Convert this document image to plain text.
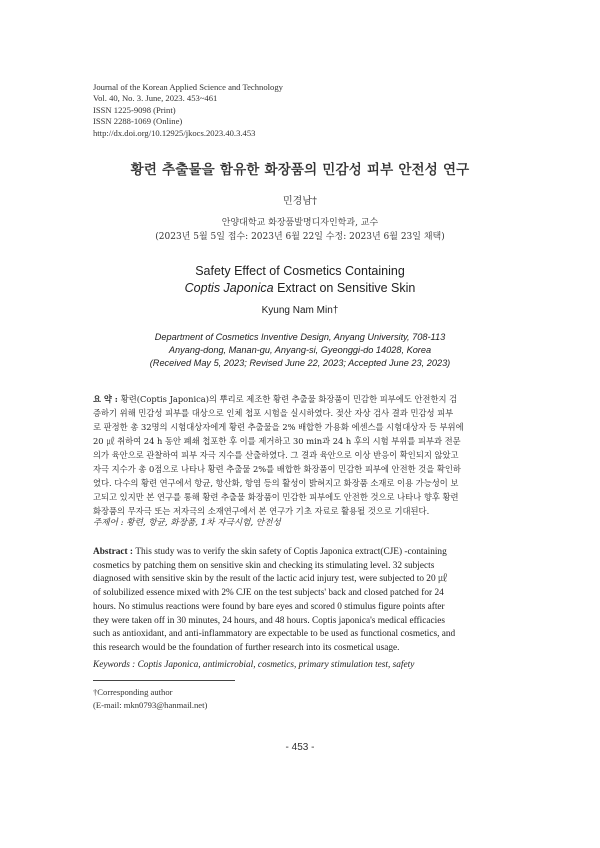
Journal of the Korean Applied Science and Technology
Vol. 40, No. 3. June, 2023. 453~461
ISSN 1225-9098 (Print)
ISSN 2288-1069 (Online)
http://dx.doi.org/10.12925/jkocs.2023.40.3.453
황련 추출물을 함유한 화장품의 민감성 피부 안전성 연구
민경남†
안양대학교 화장품발명디자인학과, 교수
(2023년 5월 5일 접수: 2023년 6월 22일 수정: 2023년 6월 23일 채택)
Safety Effect of Cosmetics Containing
Coptis Japonica Extract on Sensitive Skin
Kyung Nam Min†
Department of Cosmetics Inventive Design, Anyang University, 708-113
Anyang-dong, Manan-gu, Anyang-si, Gyeonggi-do 14028, Korea
(Received May 5, 2023; Revised June 22, 2023; Accepted June 23, 2023)
요 약 : 황련(Coptis Japonica)의 뿌리로 제조한 황련 추출물 화장품이 민감한 피부에도 안전한지 검
증하기 위해 민감성 피부를 대상으로 인체 첩포 시험을 실시하였다. 젖산 자상 검사 결과 민감성 피부
로 판정한 총 32명의 시험대상자에게 황련 추출물을 2% 배합한 가용화 에센스를 시험대상자 등 부위에
20 ㎕ 취하여 24 h 동안 폐쇄 첩포한 후 이를 제거하고 30 min과 24 h 후의 시험 부위를 피부과 전문
의가 육안으로 관찰하여 피부 자극 지수를 산출하였다. 그 결과 육안으로 이상 반응이 확인되지 않았고
자극 지수가 총 0점으로 나타나 황련 추출물 2%를 배합한 화장품이 민감한 피부에 안전한 것을 확인하
였다. 다수의 황련 연구에서 항균, 항산화, 항염 등의 활성이 밝혀지고 화장품 소재로 이용 가능성이 보
고되고 있지만 본 연구를 통해 황련 추출물 화장품이 민감한 피부에도 안전한 것으로 나타나 향후 황련
화장품의 무자극 또는 저자극의 소재연구에서 본 연구가 기초 자료로 활용될 것으로 기대된다.
주제어 : 황련, 항균, 화장품, 1차 자극시험, 안전성
Abstract : This study was to verify the skin safety of Coptis Japonica extract(CJE) -containing
cosmetics by patching them on sensitive skin and checking its stimulating level. 32 subjects
diagnosed with sensitive skin by the result of the lactic acid injury test, were subjected to 20 ㎕
of solubilized essence mixed with 2% CJE on the test subjects' back and closed patched for 24
hours. No stimulus reactions were found by bare eyes and scored 0 stimulus figure points after
they were taken off in 30 minutes, 24 hours, and 48 hours. Coptis japonica's medical efficacies
such as antioxidant, and anti-inflammatory are expectable to be used as functional cosmetics, and
this research would be the foundation of further research into its cosmetical usage.
Keywords : Coptis Japonica, antimicrobial, cosmetics, primary stimulation test, safety
†Corresponding author
(E-mail: mkn0793@hanmail.net)
- 453 -
